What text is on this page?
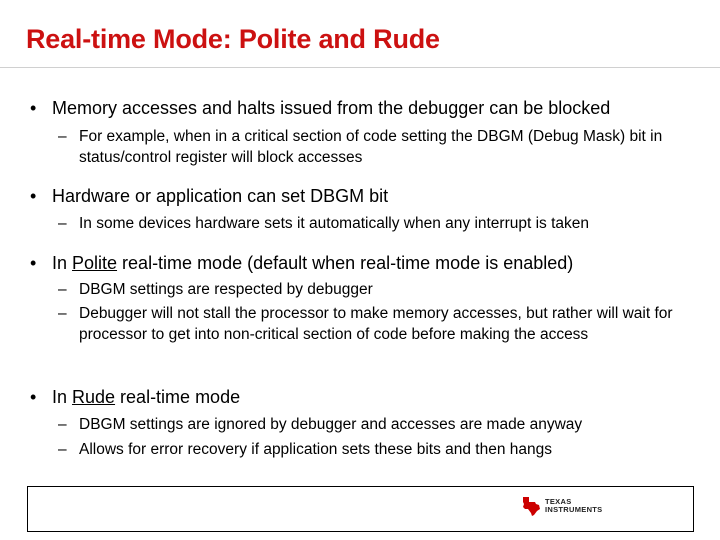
Real-time Mode: Polite and Rude
• Memory accesses and halts issued from the debugger can be blocked
– For example, when in a critical section of code setting the DBGM (Debug Mask) bit in status/control register will block accesses
• Hardware or application can set DBGM bit
– In some devices hardware sets it automatically when any interrupt is taken
• In Polite real-time mode (default when real-time mode is enabled)
– DBGM settings are respected by debugger
– Debugger will not stall the processor to make memory accesses, but rather will wait for processor to get into non-critical section of code before making the access
• In Rude real-time mode
– DBGM settings are ignored by debugger and accesses are made anyway
– Allows for error recovery if application sets these bits and then hangs
TEXAS
INSTRUMENTS
